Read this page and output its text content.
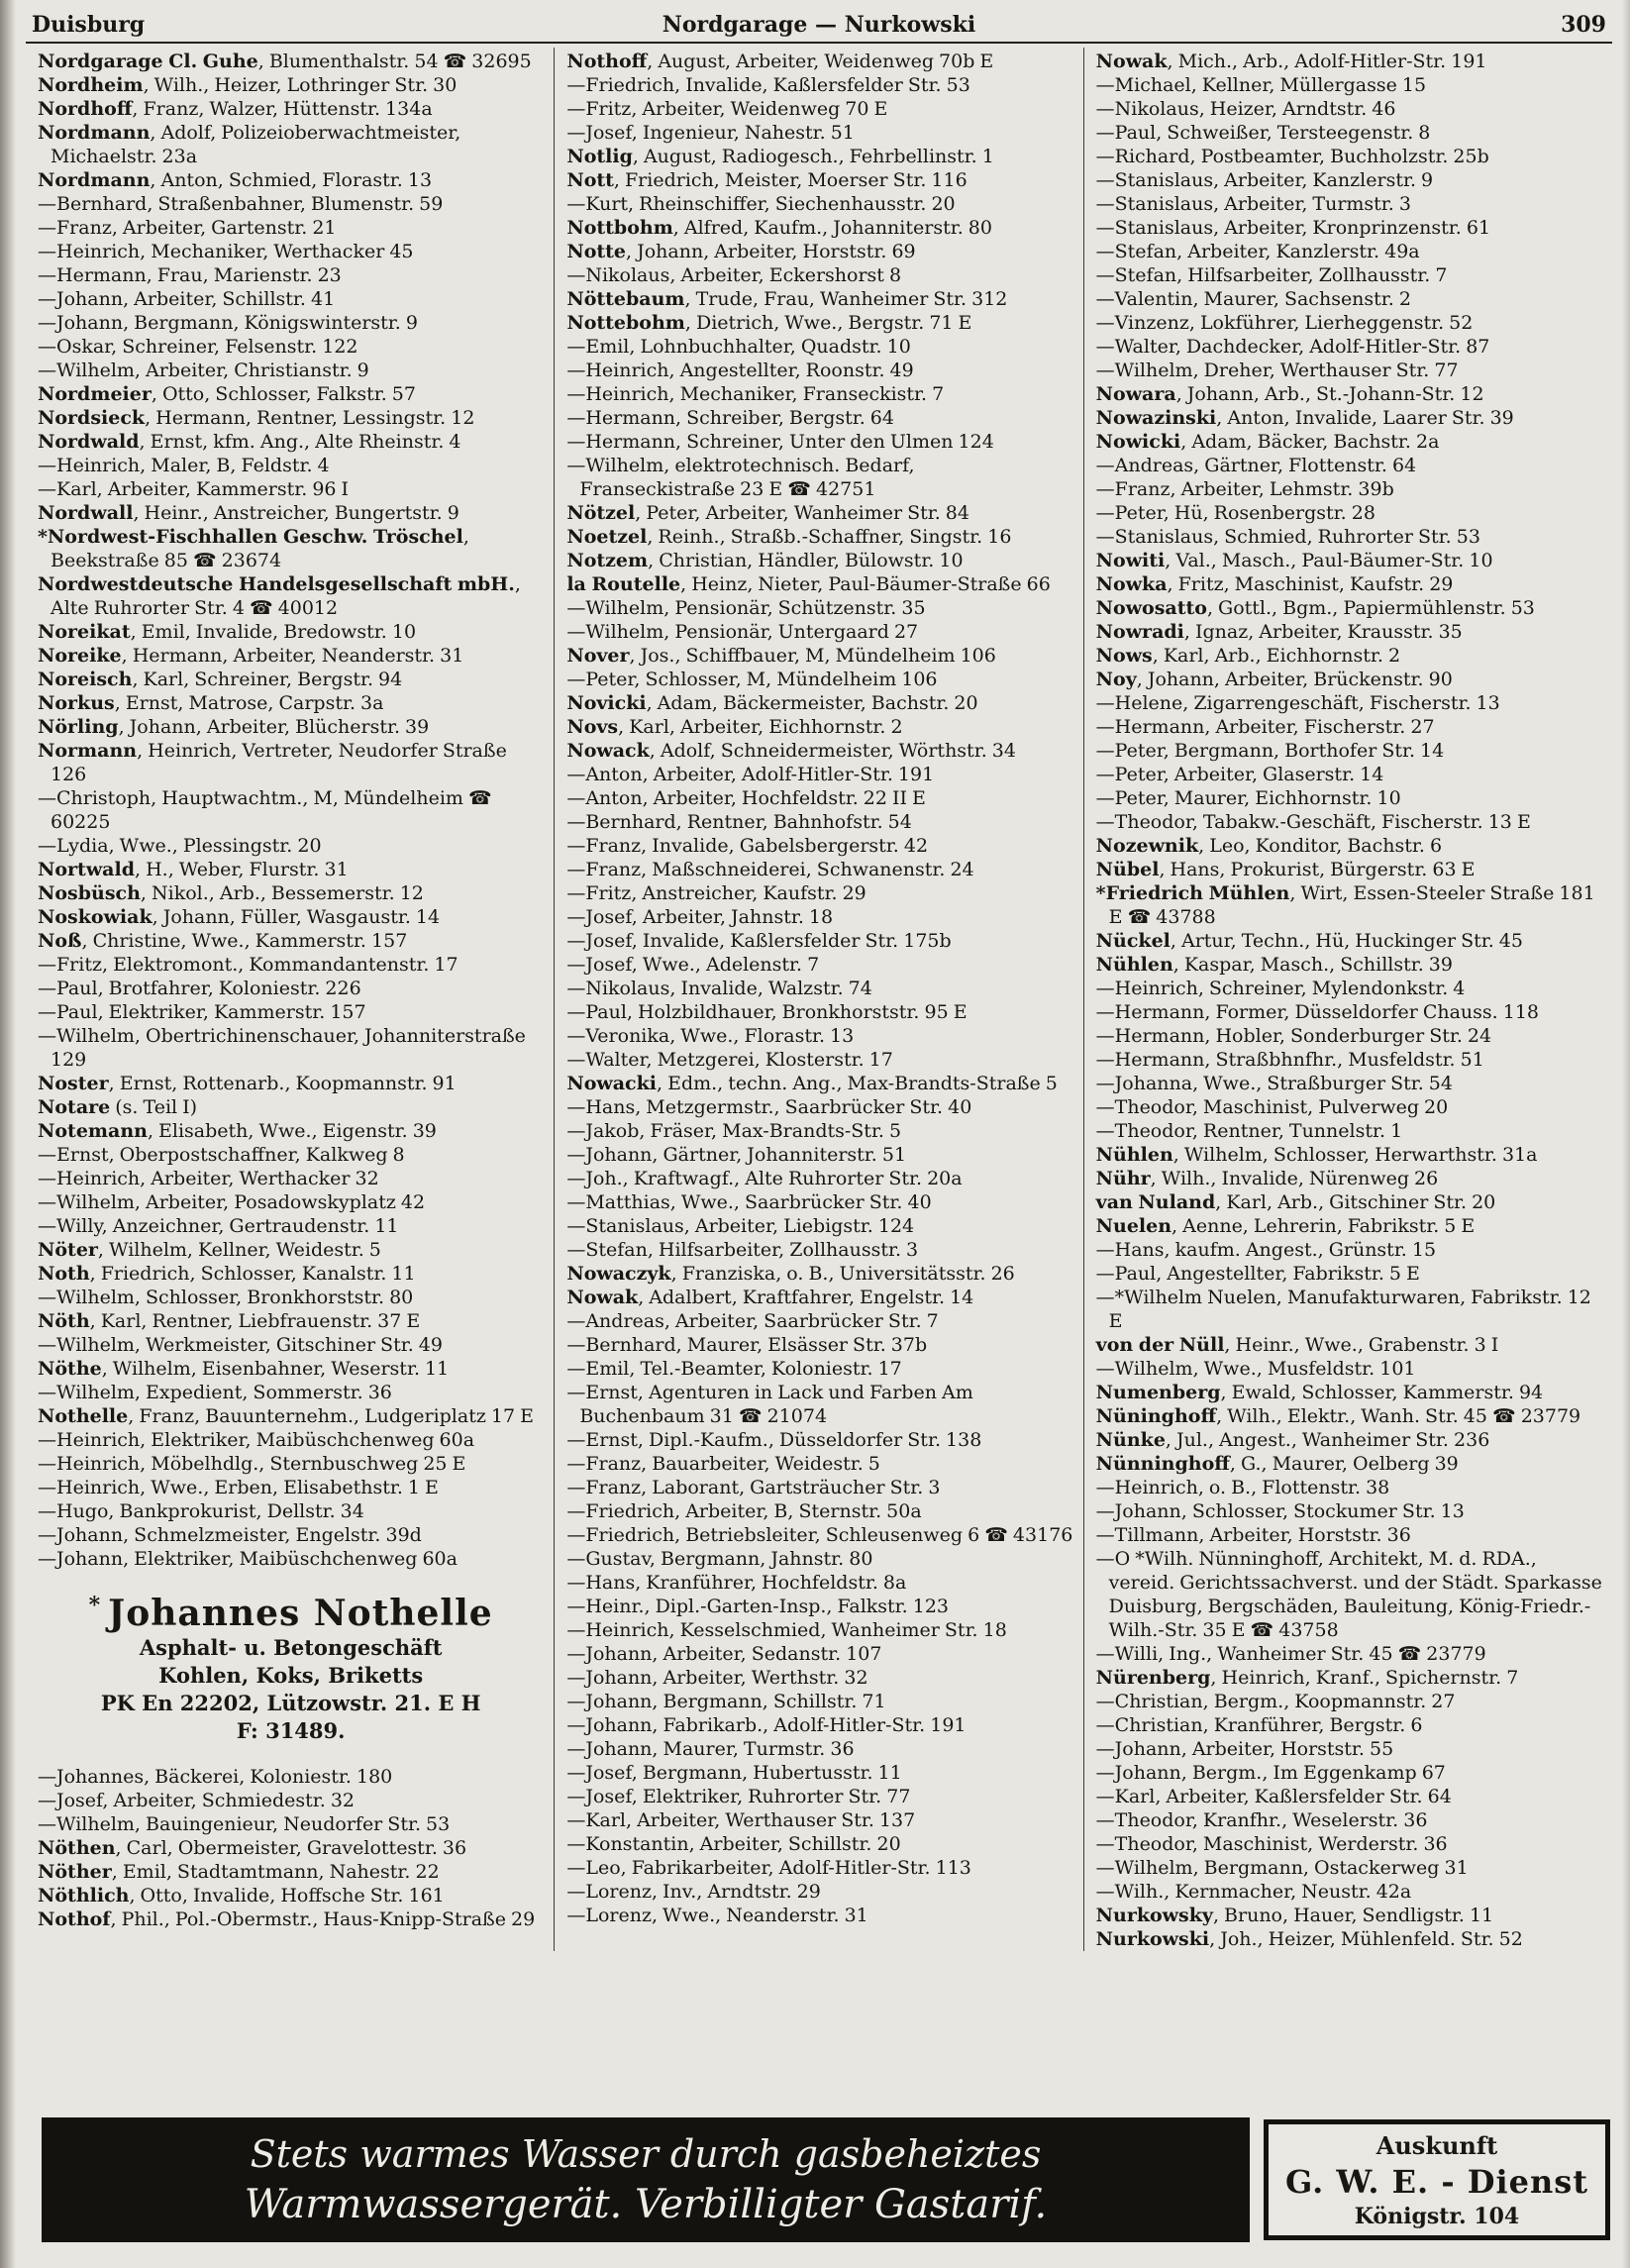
Duisburg	Nordgarage — Nurkowski	309

Nordgarage Cl. Guhe, Blumenthalstr. 54 ☎ 32695

Nordheim, Wilh., Heizer, Lothringer Str. 30

Nordhoff, Franz, Walzer, Hüttenstr. 134a

Nordmann, Adolf, Polizeioberwachtmeister, Michaelstr. 23a

Nordmann, Anton, Schmied, Florastr. 13

—Bernhard, Straßenbahner, Blumenstr. 59

—Franz, Arbeiter, Gartenstr. 21

—Heinrich, Mechaniker, Werthacker 45

—Hermann, Frau, Marienstr. 23

—Johann, Arbeiter, Schillstr. 41

—Johann, Bergmann, Königswinterstr. 9

—Oskar, Schreiner, Felsenstr. 122

—Wilhelm, Arbeiter, Christianstr. 9

Nordmeier, Otto, Schlosser, Falkstr. 57

Nordsieck, Hermann, Rentner, Lessingstr. 12

Nordwald, Ernst, kfm. Ang., Alte Rheinstr. 4

—Heinrich, Maler, B, Feldstr. 4

—Karl, Arbeiter, Kammerstr. 96 I

Nordwall, Heinr., Anstreicher, Bungertstr. 9

*Nordwest-Fischhallen Geschw. Tröschel, Beekstraße 85 ☎ 23674

Nordwestdeutsche Handelsgesellschaft mbH., Alte Ruhrorter Str. 4 ☎ 40012

Noreikat, Emil, Invalide, Bredowstr. 10

Noreike, Hermann, Arbeiter, Neanderstr. 31

Noreisch, Karl, Schreiner, Bergstr. 94

Norkus, Ernst, Matrose, Carpstr. 3a

Nörling, Johann, Arbeiter, Blücherstr. 39

Normann, Heinrich, Vertreter, Neudorfer Straße 126

—Christoph, Hauptwachtm., M, Mündelheim ☎ 60225

—Lydia, Wwe., Plessingstr. 20

Nortwald, H., Weber, Flurstr. 31

Nosbüsch, Nikol., Arb., Bessemerstr. 12

Noskowiak, Johann, Füller, Wasgaustr. 14

Noß, Christine, Wwe., Kammerstr. 157

—Fritz, Elektromont., Kommandantenstr. 17

—Paul, Brotfahrer, Koloniestr. 226

—Paul, Elektriker, Kammerstr. 157

—Wilhelm, Obertrichinenschauer, Johanniterstraße 129

Noster, Ernst, Rottenarb., Koopmannstr. 91

Notare (s. Teil I)

Notemann, Elisabeth, Wwe., Eigenstr. 39

—Ernst, Oberpostschaffner, Kalkweg 8

—Heinrich, Arbeiter, Werthacker 32

—Wilhelm, Arbeiter, Posadowskyplatz 42

—Willy, Anzeichner, Gertraudenstr. 11

Nöter, Wilhelm, Kellner, Weidestr. 5

Noth, Friedrich, Schlosser, Kanalstr. 11

—Wilhelm, Schlosser, Bronkhorststr. 80

Nöth, Karl, Rentner, Liebfrauenstr. 37 E

—Wilhelm, Werkmeister, Gitschiner Str. 49

Nöthe, Wilhelm, Eisenbahner, Weserstr. 11

—Wilhelm, Expedient, Sommerstr. 36

Nothelle, Franz, Bauunternehm., Ludgeriplatz 17 E

—Heinrich, Elektriker, Maibüschchenweg 60a

—Heinrich, Möbelhdlg., Sternbuschweg 25 E

—Heinrich, Wwe., Erben, Elisabethstr. 1 E

—Hugo, Bankprokurist, Dellstr. 34

—Johann, Schmelzmeister, Engelstr. 39d

—Johann, Elektriker, Maibüschchenweg 60a

* Johannes Nothelle

Asphalt- u. Betongeschäft

Kohlen, Koks, Briketts

PK En 22202, Lützowstr. 21. E H

F: 31489.

—Johannes, Bäckerei, Koloniestr. 180

—Josef, Arbeiter, Schmiedestr. 32

—Wilhelm, Bauingenieur, Neudorfer Str. 53

Nöthen, Carl, Obermeister, Gravelottestr. 36

Nöther, Emil, Stadtamtmann, Nahestr. 22

Nöthlich, Otto, Invalide, Hoffsche Str. 161

Nothof, Phil., Pol.-Obermstr., Haus-Knipp-Straße 29

Nothoff, August, Arbeiter, Weidenweg 70b E

—Friedrich, Invalide, Kaßlersfelder Str. 53

—Fritz, Arbeiter, Weidenweg 70 E

—Josef, Ingenieur, Nahestr. 51

Notlig, August, Radiogesch., Fehrbellinstr. 1

Nott, Friedrich, Meister, Moerser Str. 116

—Kurt, Rheinschiffer, Siechenhausstr. 20

Nottbohm, Alfred, Kaufm., Johanniterstr. 80

Notte, Johann, Arbeiter, Horststr. 69

—Nikolaus, Arbeiter, Eckershorst 8

Nöttebaum, Trude, Frau, Wanheimer Str. 312

Nottebohm, Dietrich, Wwe., Bergstr. 71 E

—Emil, Lohnbuchhalter, Quadstr. 10

—Heinrich, Angestellter, Roonstr. 49

—Heinrich, Mechaniker, Franseckistr. 7

—Hermann, Schreiber, Bergstr. 64

—Hermann, Schreiner, Unter den Ulmen 124

—Wilhelm, elektrotechnisch. Bedarf, Franseckistraße 23 E ☎ 42751

Nötzel, Peter, Arbeiter, Wanheimer Str. 84

Noetzel, Reinh., Straßb.-Schaffner, Singstr. 16

Notzem, Christian, Händler, Bülowstr. 10

la Routelle, Heinz, Nieter, Paul-Bäumer-Straße 66

—Wilhelm, Pensionär, Schützenstr. 35

—Wilhelm, Pensionär, Untergaard 27

Nover, Jos., Schiffbauer, M, Mündelheim 106

—Peter, Schlosser, M, Mündelheim 106

Novicki, Adam, Bäckermeister, Bachstr. 20

Novs, Karl, Arbeiter, Eichhornstr. 2

Nowack, Adolf, Schneidermeister, Wörthstr. 34

—Anton, Arbeiter, Adolf-Hitler-Str. 191

—Anton, Arbeiter, Hochfeldstr. 22 II E

—Bernhard, Rentner, Bahnhofstr. 54

—Franz, Invalide, Gabelsbergerstr. 42

—Franz, Maßschneiderei, Schwanenstr. 24

—Fritz, Anstreicher, Kaufstr. 29

—Josef, Arbeiter, Jahnstr. 18

—Josef, Invalide, Kaßlersfelder Str. 175b

—Josef, Wwe., Adelenstr. 7

—Nikolaus, Invalide, Walzstr. 74

—Paul, Holzbildhauer, Bronkhorststr. 95 E

—Veronika, Wwe., Florastr. 13

—Walter, Metzgerei, Klosterstr. 17

Nowacki, Edm., techn. Ang., Max-Brandts-Straße 5

—Hans, Metzgermstr., Saarbrücker Str. 40

—Jakob, Fräser, Max-Brandts-Str. 5

—Johann, Gärtner, Johanniterstr. 51

—Joh., Kraftwagf., Alte Ruhrorter Str. 20a

—Matthias, Wwe., Saarbrücker Str. 40

—Stanislaus, Arbeiter, Liebigstr. 124

—Stefan, Hilfsarbeiter, Zollhausstr. 3

Nowaczyk, Franziska, o. B., Universitätsstr. 26

Nowak, Adalbert, Kraftfahrer, Engelstr. 14

—Andreas, Arbeiter, Saarbrücker Str. 7

—Bernhard, Maurer, Elsässer Str. 37b

—Emil, Tel.-Beamter, Koloniestr. 17

—Ernst, Agenturen in Lack und Farben Am Buchenbaum 31 ☎ 21074

—Ernst, Dipl.-Kaufm., Düsseldorfer Str. 138

—Franz, Bauarbeiter, Weidestr. 5

—Franz, Laborant, Gartsträucher Str. 3

—Friedrich, Arbeiter, B, Sternstr. 50a

—Friedrich, Betriebsleiter, Schleusenweg 6 ☎ 43176

—Gustav, Bergmann, Jahnstr. 80

—Hans, Kranführer, Hochfeldstr. 8a

—Heinr., Dipl.-Garten-Insp., Falkstr. 123

—Heinrich, Kesselschmied, Wanheimer Str. 18

—Johann, Arbeiter, Sedanstr. 107

—Johann, Arbeiter, Werthstr. 32

—Johann, Bergmann, Schillstr. 71

—Johann, Fabrikarb., Adolf-Hitler-Str. 191

—Johann, Maurer, Turmstr. 36

—Josef, Bergmann, Hubertusstr. 11

—Josef, Elektriker, Ruhrorter Str. 77

—Karl, Arbeiter, Werthauser Str. 137

—Konstantin, Arbeiter, Schillstr. 20

—Leo, Fabrikarbeiter, Adolf-Hitler-Str. 113

—Lorenz, Inv., Arndtstr. 29

—Lorenz, Wwe., Neanderstr. 31

Nowak, Mich., Arb., Adolf-Hitler-Str. 191

—Michael, Kellner, Müllergasse 15

—Nikolaus, Heizer, Arndtstr. 46

—Paul, Schweißer, Tersteegenstr. 8

—Richard, Postbeamter, Buchholzstr. 25b

—Stanislaus, Arbeiter, Kanzlerstr. 9

—Stanislaus, Arbeiter, Turmstr. 3

—Stanislaus, Arbeiter, Kronprinzenstr. 61

—Stefan, Arbeiter, Kanzlerstr. 49a

—Stefan, Hilfsarbeiter, Zollhausstr. 7

—Valentin, Maurer, Sachsenstr. 2

—Vinzenz, Lokführer, Lierheggenstr. 52

—Walter, Dachdecker, Adolf-Hitler-Str. 87

—Wilhelm, Dreher, Werthauser Str. 77

Nowara, Johann, Arb., St.-Johann-Str. 12

Nowazinski, Anton, Invalide, Laarer Str. 39

Nowicki, Adam, Bäcker, Bachstr. 2a

—Andreas, Gärtner, Flottenstr. 64

—Franz, Arbeiter, Lehmstr. 39b

—Peter, Hü, Rosenbergstr. 28

—Stanislaus, Schmied, Ruhrorter Str. 53

Nowiti, Val., Masch., Paul-Bäumer-Str. 10

Nowka, Fritz, Maschinist, Kaufstr. 29

Nowosatto, Gottl., Bgm., Papiermühlenstr. 53

Nowradi, Ignaz, Arbeiter, Krausstr. 35

Nows, Karl, Arb., Eichhornstr. 2

Noy, Johann, Arbeiter, Brückenstr. 90

—Helene, Zigarrengeschäft, Fischerstr. 13

—Hermann, Arbeiter, Fischerstr. 27

—Peter, Bergmann, Borthofer Str. 14

—Peter, Arbeiter, Glaserstr. 14

—Peter, Maurer, Eichhornstr. 10

—Theodor, Tabakw.-Geschäft, Fischerstr. 13 E

Nozewnik, Leo, Konditor, Bachstr. 6

Nübel, Hans, Prokurist, Bürgerstr. 63 E

*Friedrich Mühlen, Wirt, Essen-Steeler Straße 181 E ☎ 43788

Nückel, Artur, Techn., Hü, Huckinger Str. 45

Nühlen, Kaspar, Masch., Schillstr. 39

—Heinrich, Schreiner, Mylendonkstr. 4

—Hermann, Former, Düsseldorfer Chauss. 118

—Hermann, Hobler, Sonderburger Str. 24

—Hermann, Straßbhnfhr., Musfeldstr. 51

—Johanna, Wwe., Straßburger Str. 54

—Theodor, Maschinist, Pulverweg 20

—Theodor, Rentner, Tunnelstr. 1

Nühlen, Wilhelm, Schlosser, Herwarthstr. 31a

Nühr, Wilh., Invalide, Nürenweg 26

van Nuland, Karl, Arb., Gitschiner Str. 20

Nuelen, Aenne, Lehrerin, Fabrikstr. 5 E

—Hans, kaufm. Angest., Grünstr. 15

—Paul, Angestellter, Fabrikstr. 5 E

—*Wilhelm Nuelen, Manufakturwaren, Fabrikstr. 12 E

von der Nüll, Heinr., Wwe., Grabenstr. 3 I

—Wilhelm, Wwe., Musfeldstr. 101

Numenberg, Ewald, Schlosser, Kammerstr. 94

Nüninghoff, Wilh., Elektr., Wanh. Str. 45 ☎ 23779

Nünke, Jul., Angest., Wanheimer Str. 236

Nünninghoff, G., Maurer, Oelberg 39

—Heinrich, o. B., Flottenstr. 38

—Johann, Schlosser, Stockumer Str. 13

—Tillmann, Arbeiter, Horststr. 36

—O *Wilh. Nünninghoff, Architekt, M. d. RDA., vereid. Gerichtssachverst. und der Städt. Sparkasse Duisburg, Bergschäden, Bauleitung, König-Friedr.-Wilh.-Str. 35 E ☎ 43758

—Willi, Ing., Wanheimer Str. 45 ☎ 23779

Nürenberg, Heinrich, Kranf., Spichernstr. 7

—Christian, Bergm., Koopmannstr. 27

—Christian, Kranführer, Bergstr. 6

—Johann, Arbeiter, Horststr. 55

—Johann, Bergm., Im Eggenkamp 67

—Karl, Arbeiter, Kaßlersfelder Str. 64

—Theodor, Kranfhr., Weselerstr. 36

—Theodor, Maschinist, Werderstr. 36

—Wilhelm, Bergmann, Ostackerweg 31

—Wilh., Kernmacher, Neustr. 42a

Nurkowsky, Bruno, Hauer, Sendligstr. 11

Nurkowski, Joh., Heizer, Mühlenfeld. Str. 52

Stets warmes Wasser durch gasbeheiztes
Warmwassergerät. Verbilligter Gastarif.

Auskunft

G. W. E. - Dienst

Königstr. 104
